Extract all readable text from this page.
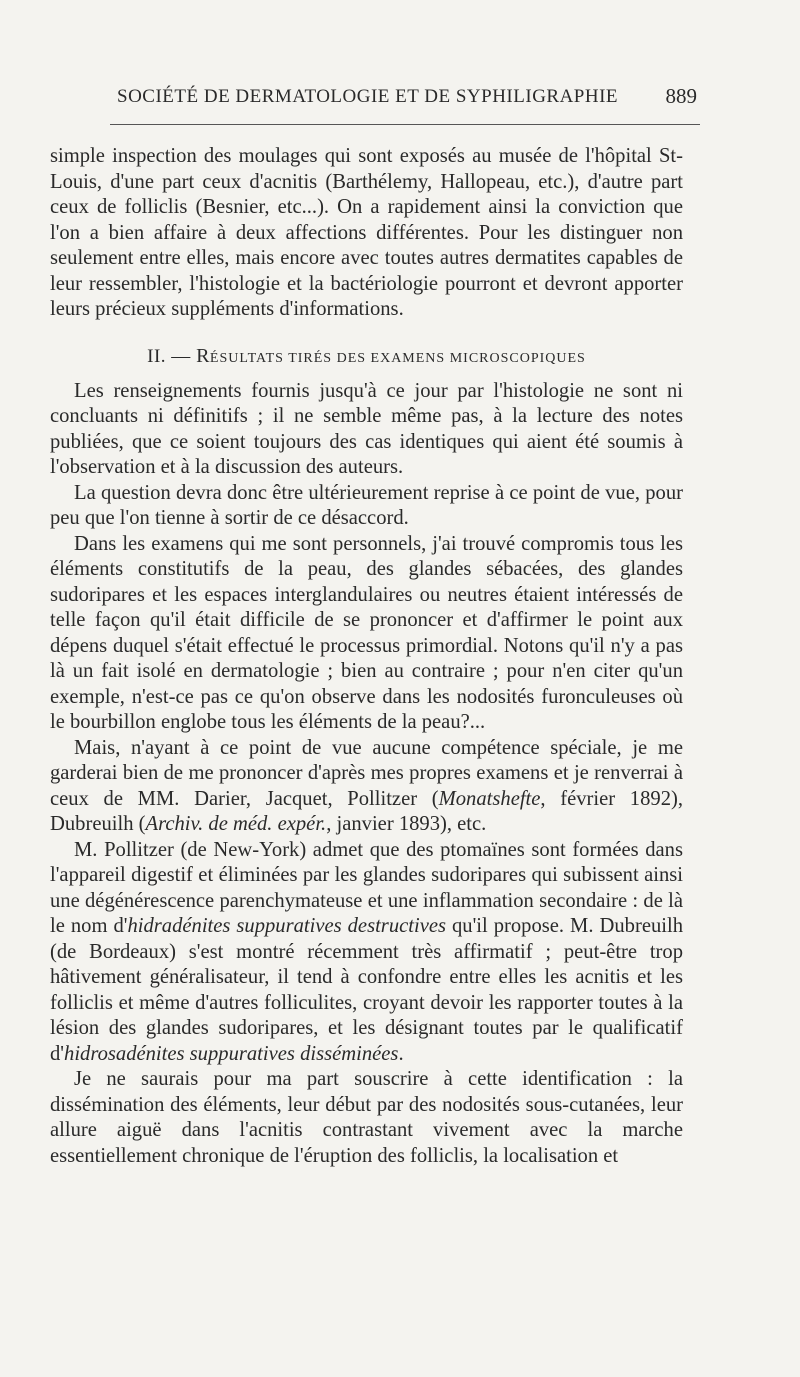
SOCIÉTÉ DE DERMATOLOGIE ET DE SYPHILIGRAPHIE 889

simple inspection des moulages qui sont exposés au musée de l'hôpital St-Louis, d'une part ceux d'acnitis (Barthélemy, Hallopeau, etc.), d'autre part ceux de folliclis (Besnier, etc...). On a rapidement ainsi la conviction que l'on a bien affaire à deux affections différentes. Pour les distinguer non seulement entre elles, mais encore avec toutes autres dermatites capables de leur ressembler, l'histologie et la bactériologie pourront et devront apporter leurs précieux suppléments d'informations.

II. — RÉSULTATS TIRÉS DES EXAMENS MICROSCOPIQUES

Les renseignements fournis jusqu'à ce jour par l'histologie ne sont ni concluants ni définitifs ; il ne semble même pas, à la lecture des notes publiées, que ce soient toujours des cas identiques qui aient été soumis à l'observation et à la discussion des auteurs.

La question devra donc être ultérieurement reprise à ce point de vue, pour peu que l'on tienne à sortir de ce désaccord.

Dans les examens qui me sont personnels, j'ai trouvé compromis tous les éléments constitutifs de la peau, des glandes sébacées, des glandes sudoripares et les espaces interglandulaires ou neutres étaient intéressés de telle façon qu'il était difficile de se prononcer et d'affirmer le point aux dépens duquel s'était effectué le processus primordial. Notons qu'il n'y a pas là un fait isolé en dermatologie ; bien au contraire ; pour n'en citer qu'un exemple, n'est-ce pas ce qu'on observe dans les nodosités furonculeuses où le bourbillon englobe tous les éléments de la peau?...

Mais, n'ayant à ce point de vue aucune compétence spéciale, je me garderai bien de me prononcer d'après mes propres examens et je renverrai à ceux de MM. Darier, Jacquet, Pollitzer (Monatshefte, février 1892), Dubreuilh (Archiv. de méd. expér., janvier 1893), etc.

M. Pollitzer (de New-York) admet que des ptomaïnes sont formées dans l'appareil digestif et éliminées par les glandes sudoripares qui subissent ainsi une dégénérescence parenchymateuse et une inflammation secondaire : de là le nom d'hidradénites suppuratives destructives qu'il propose. M. Dubreuilh (de Bordeaux) s'est montré récemment très affirmatif ; peut-être trop hâtivement généralisateur, il tend à confondre entre elles les acnitis et les folliclis et même d'autres folliculites, croyant devoir les rapporter toutes à la lésion des glandes sudoripares, et les désignant toutes par le qualificatif d'hidrosadénites suppuratives disséminées.

Je ne saurais pour ma part souscrire à cette identification : la dissémination des éléments, leur début par des nodosités sous-cutanées, leur allure aiguë dans l'acnitis contrastant vivement avec la marche essentiellement chronique de l'éruption des folliclis, la localisation et
